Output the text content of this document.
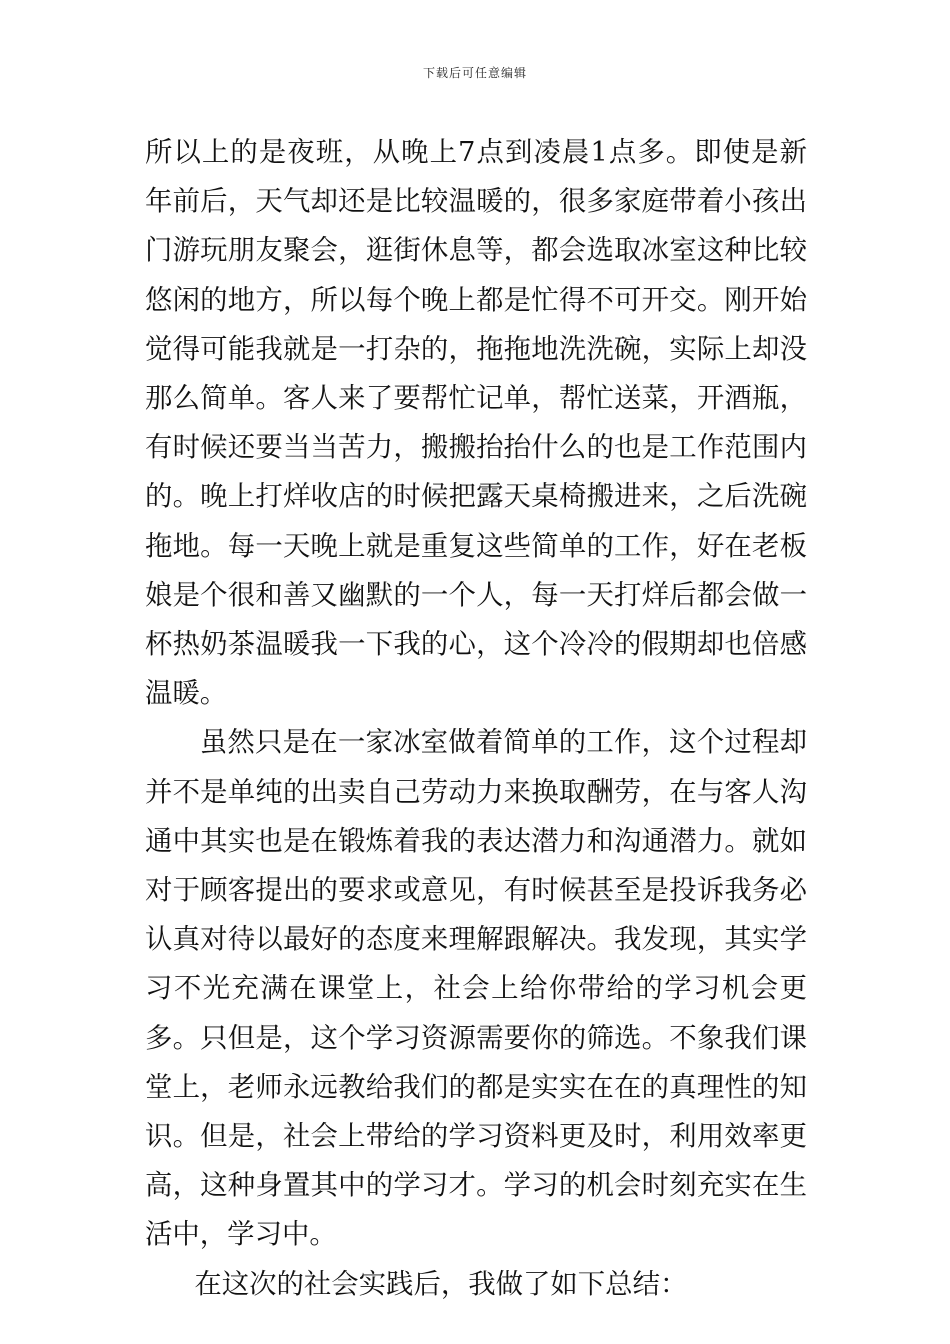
下载后可任意编辑

所以上的是夜班，从晚上7点到凌晨1点多。即使是新年前后，天气却还是比较温暖的，很多家庭带着小孩出门游玩朋友聚会，逛街休息等，都会选取冰室这种比较悠闲的地方，所以每个晚上都是忙得不可开交。刚开始觉得可能我就是一打杂的，拖拖地洗洗碗，实际上却没那么简单。客人来了要帮忙记单，帮忙送菜，开酒瓶，有时候还要当当苦力，搬搬抬抬什么的也是工作范围内的。晚上打烊收店的时候把露天桌椅搬进来，之后洗碗拖地。每一天晚上就是重复这些简单的工作，好在老板娘是个很和善又幽默的一个人，每一天打烊后都会做一杯热奶茶温暖我一下我的心，这个冷冷的假期却也倍感温暖。

虽然只是在一家冰室做着简单的工作，这个过程却并不是单纯的出卖自己劳动力来换取酬劳，在与客人沟通中其实也是在锻炼着我的表达潜力和沟通潜力。就如对于顾客提出的要求或意见，有时候甚至是投诉我务必认真对待以最好的态度来理解跟解决。我发现，其实学习不光充满在课堂上，社会上给你带给的学习机会更多。只但是，这个学习资源需要你的筛选。不象我们课堂上，老师永远教给我们的都是实实在在的真理性的知识。但是，社会上带给的学习资料更及时，利用效率更高，这种身置其中的学习才。学习的机会时刻充实在生活中，学习中。

在这次的社会实践后，我做了如下总结：
